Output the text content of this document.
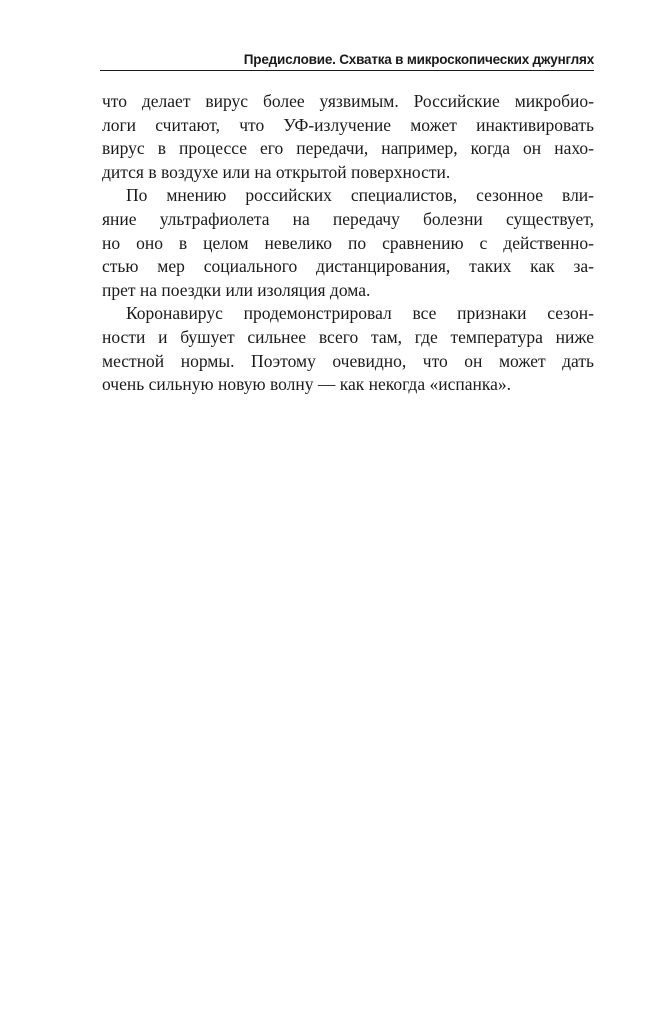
Предисловие. Схватка в микроскопических джунглях
что делает вирус более уязвимым. Российские микробио-
логи считают, что УФ-излучение может инактивировать
вирус в процессе его передачи, например, когда он нахо-
дится в воздухе или на открытой поверхности.
По мнению российских специалистов, сезонное вли-
яние ультрафиолета на передачу болезни существует,
но оно в целом невелико по сравнению с действенно-
стью мер социального дистанцирования, таких как за-
прет на поездки или изоляция дома.
Коронавирус продемонстрировал все признаки сезон-
ности и бушует сильнее всего там, где температура ниже
местной нормы. Поэтому очевидно, что он может дать
очень сильную новую волну — как некогда «испанка».
